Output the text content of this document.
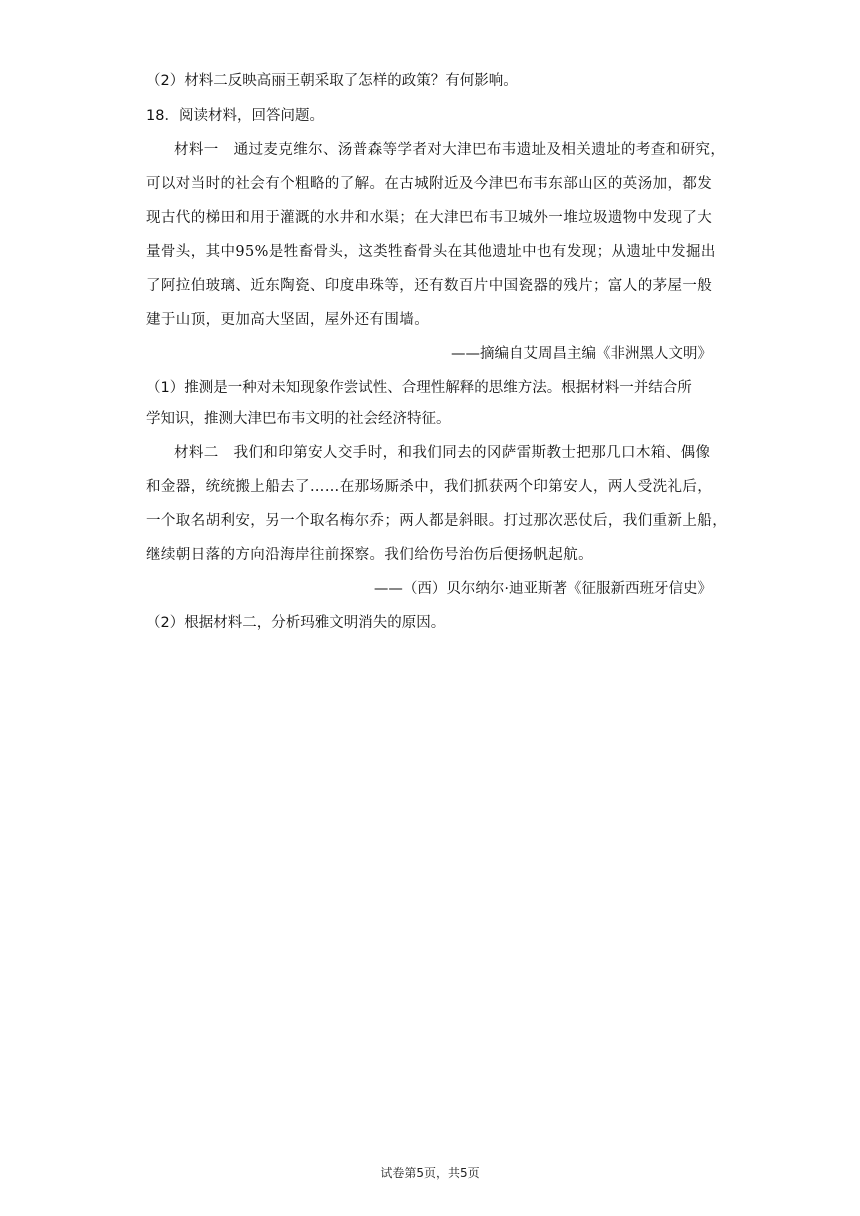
（2）材料二反映高丽王朝采取了怎样的政策？有何影响。
18．阅读材料，回答问题。
材料一　通过麦克维尔、汤普森等学者对大津巴布韦遗址及相关遗址的考查和研究，
可以对当时的社会有个粗略的了解。在古城附近及今津巴布韦东部山区的英汤加，都发
现古代的梯田和用于灌溉的水井和水渠；在大津巴布韦卫城外一堆垃圾遗物中发现了大
量骨头，其中95%是牲畜骨头，这类牲畜骨头在其他遗址中也有发现；从遗址中发掘出
了阿拉伯玻璃、近东陶瓷、印度串珠等，还有数百片中国瓷器的残片；富人的茅屋一般
建于山顶，更加高大坚固，屋外还有围墙。
——摘编自艾周昌主编《非洲黑人文明》
（1）推测是一种对未知现象作尝试性、合理性解释的思维方法。根据材料一并结合所
学知识，推测大津巴布韦文明的社会经济特征。
材料二　我们和印第安人交手时，和我们同去的冈萨雷斯教士把那几口木箱、偶像
和金器，统统搬上船去了……在那场厮杀中，我们抓获两个印第安人，两人受洗礼后，
一个取名胡利安，另一个取名梅尔乔；两人都是斜眼。打过那次恶仗后，我们重新上船，
继续朝日落的方向沿海岸往前探察。我们给伤号治伤后便扬帆起航。
——（西）贝尔纳尔·迪亚斯著《征服新西班牙信史》
（2）根据材料二，分析玛雅文明消失的原因。
试卷第5页，共5页
